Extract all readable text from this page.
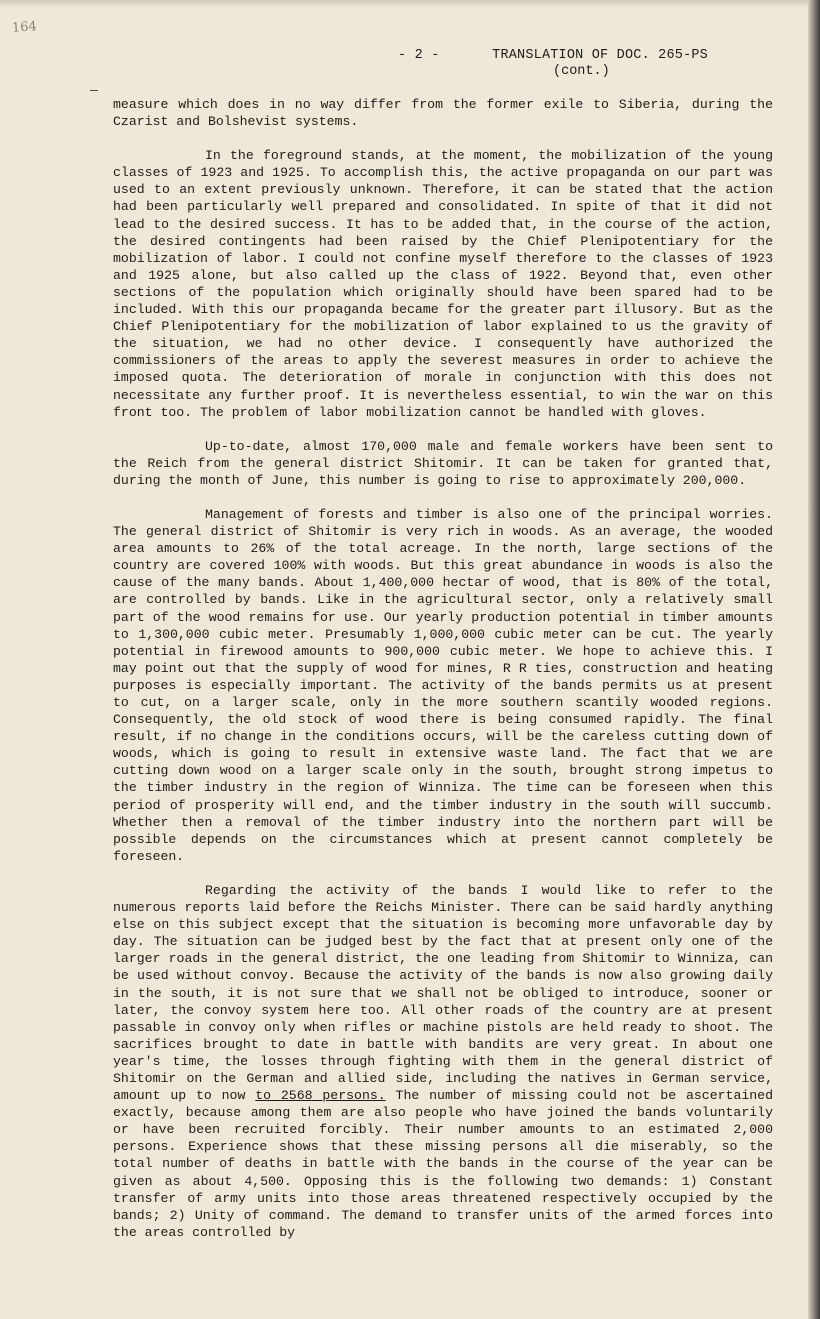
164
- 2 -	TRANSLATION OF DOC. 265-PS
(cont.)

measure which does in no way differ from the former exile to Siberia, during the Czarist and Bolshevist systems.

In the foreground stands, at the moment, the mobilization of the young classes of 1923 and 1925. To accomplish this, the active propaganda on our part was used to an extent previously unknown. Therefore, it can be stated that the action had been particularly well prepared and consolidated. In spite of that it did not lead to the desired success. It has to be added that, in the course of the action, the desired contingents had been raised by the Chief Plenipotentiary for the mobilization of labor. I could not confine myself therefore to the classes of 1923 and 1925 alone, but also called up the class of 1922. Beyond that, even other sections of the population which originally should have been spared had to be included. With this our propaganda became for the greater part illusory. But as the Chief Plenipotentiary for the mobilization of labor explained to us the gravity of the situation, we had no other device. I consequently have authorized the commissioners of the areas to apply the severest measures in order to achieve the imposed quota. The deterioration of morale in conjunction with this does not necessitate any further proof. It is nevertheless essential, to win the war on this front too. The problem of labor mobilization cannot be handled with gloves.

Up-to-date, almost 170,000 male and female workers have been sent to the Reich from the general district Shitomir. It can be taken for granted that, during the month of June, this number is going to rise to approximately 200,000.

Management of forests and timber is also one of the principal worries. The general district of Shitomir is very rich in woods. As an average, the wooded area amounts to 26% of the total acreage. In the north, large sections of the country are covered 100% with woods. But this great abundance in woods is also the cause of the many bands. About 1,400,000 hectar of wood, that is 80% of the total, are controlled by bands. Like in the agricultural sector, only a relatively small part of the wood remains for use. Our yearly production potential in timber amounts to 1,300,000 cubic meter. Presumably 1,000,000 cubic meter can be cut. The yearly potential in firewood amounts to 900,000 cubic meter. We hope to achieve this. I may point out that the supply of wood for mines, R R ties, construction and heating purposes is especially important. The activity of the bands permits us at present to cut, on a larger scale, only in the more southern scantily wooded regions. Consequently, the old stock of wood there is being consumed rapidly. The final result, if no change in the conditions occurs, will be the careless cutting down of woods, which is going to result in extensive waste land. The fact that we are cutting down wood on a larger scale only in the south, brought strong impetus to the timber industry in the region of Winniza. The time can be foreseen when this period of prosperity will end, and the timber industry in the south will succumb. Whether then a removal of the timber industry into the northern part will be possible depends on the circumstances which at present cannot completely be foreseen.

Regarding the activity of the bands I would like to refer to the numerous reports laid before the Reichs Minister. There can be said hardly anything else on this subject except that the situation is becoming more unfavorable day by day. The situation can be judged best by the fact that at present only one of the larger roads in the general district, the one leading from Shitomir to Winniza, can be used without convoy. Because the activity of the bands is now also growing daily in the south, it is not sure that we shall not be obliged to introduce, sooner or later, the convoy system here too. All other roads of the country are at present passable in convoy only when rifles or machine pistols are held ready to shoot. The sacrifices brought to date in battle with bandits are very great. In about one year's time, the losses through fighting with them in the general district of Shitomir on the German and allied side, including the natives in German service, amount up to now to 2568 persons. The number of missing could not be ascertained exactly, because among them are also people who have joined the bands voluntarily or have been recruited forcibly. Their number amounts to an estimated 2,000 persons. Experience shows that these missing persons all die miserably, so the total number of deaths in battle with the bands in the course of the year can be given as about 4,500. Opposing this is the following two demands: 1) Constant transfer of army units into those areas threatened respectively occupied by the bands; 2) Unity of command. The demand to transfer units of the armed forces into the areas controlled by
